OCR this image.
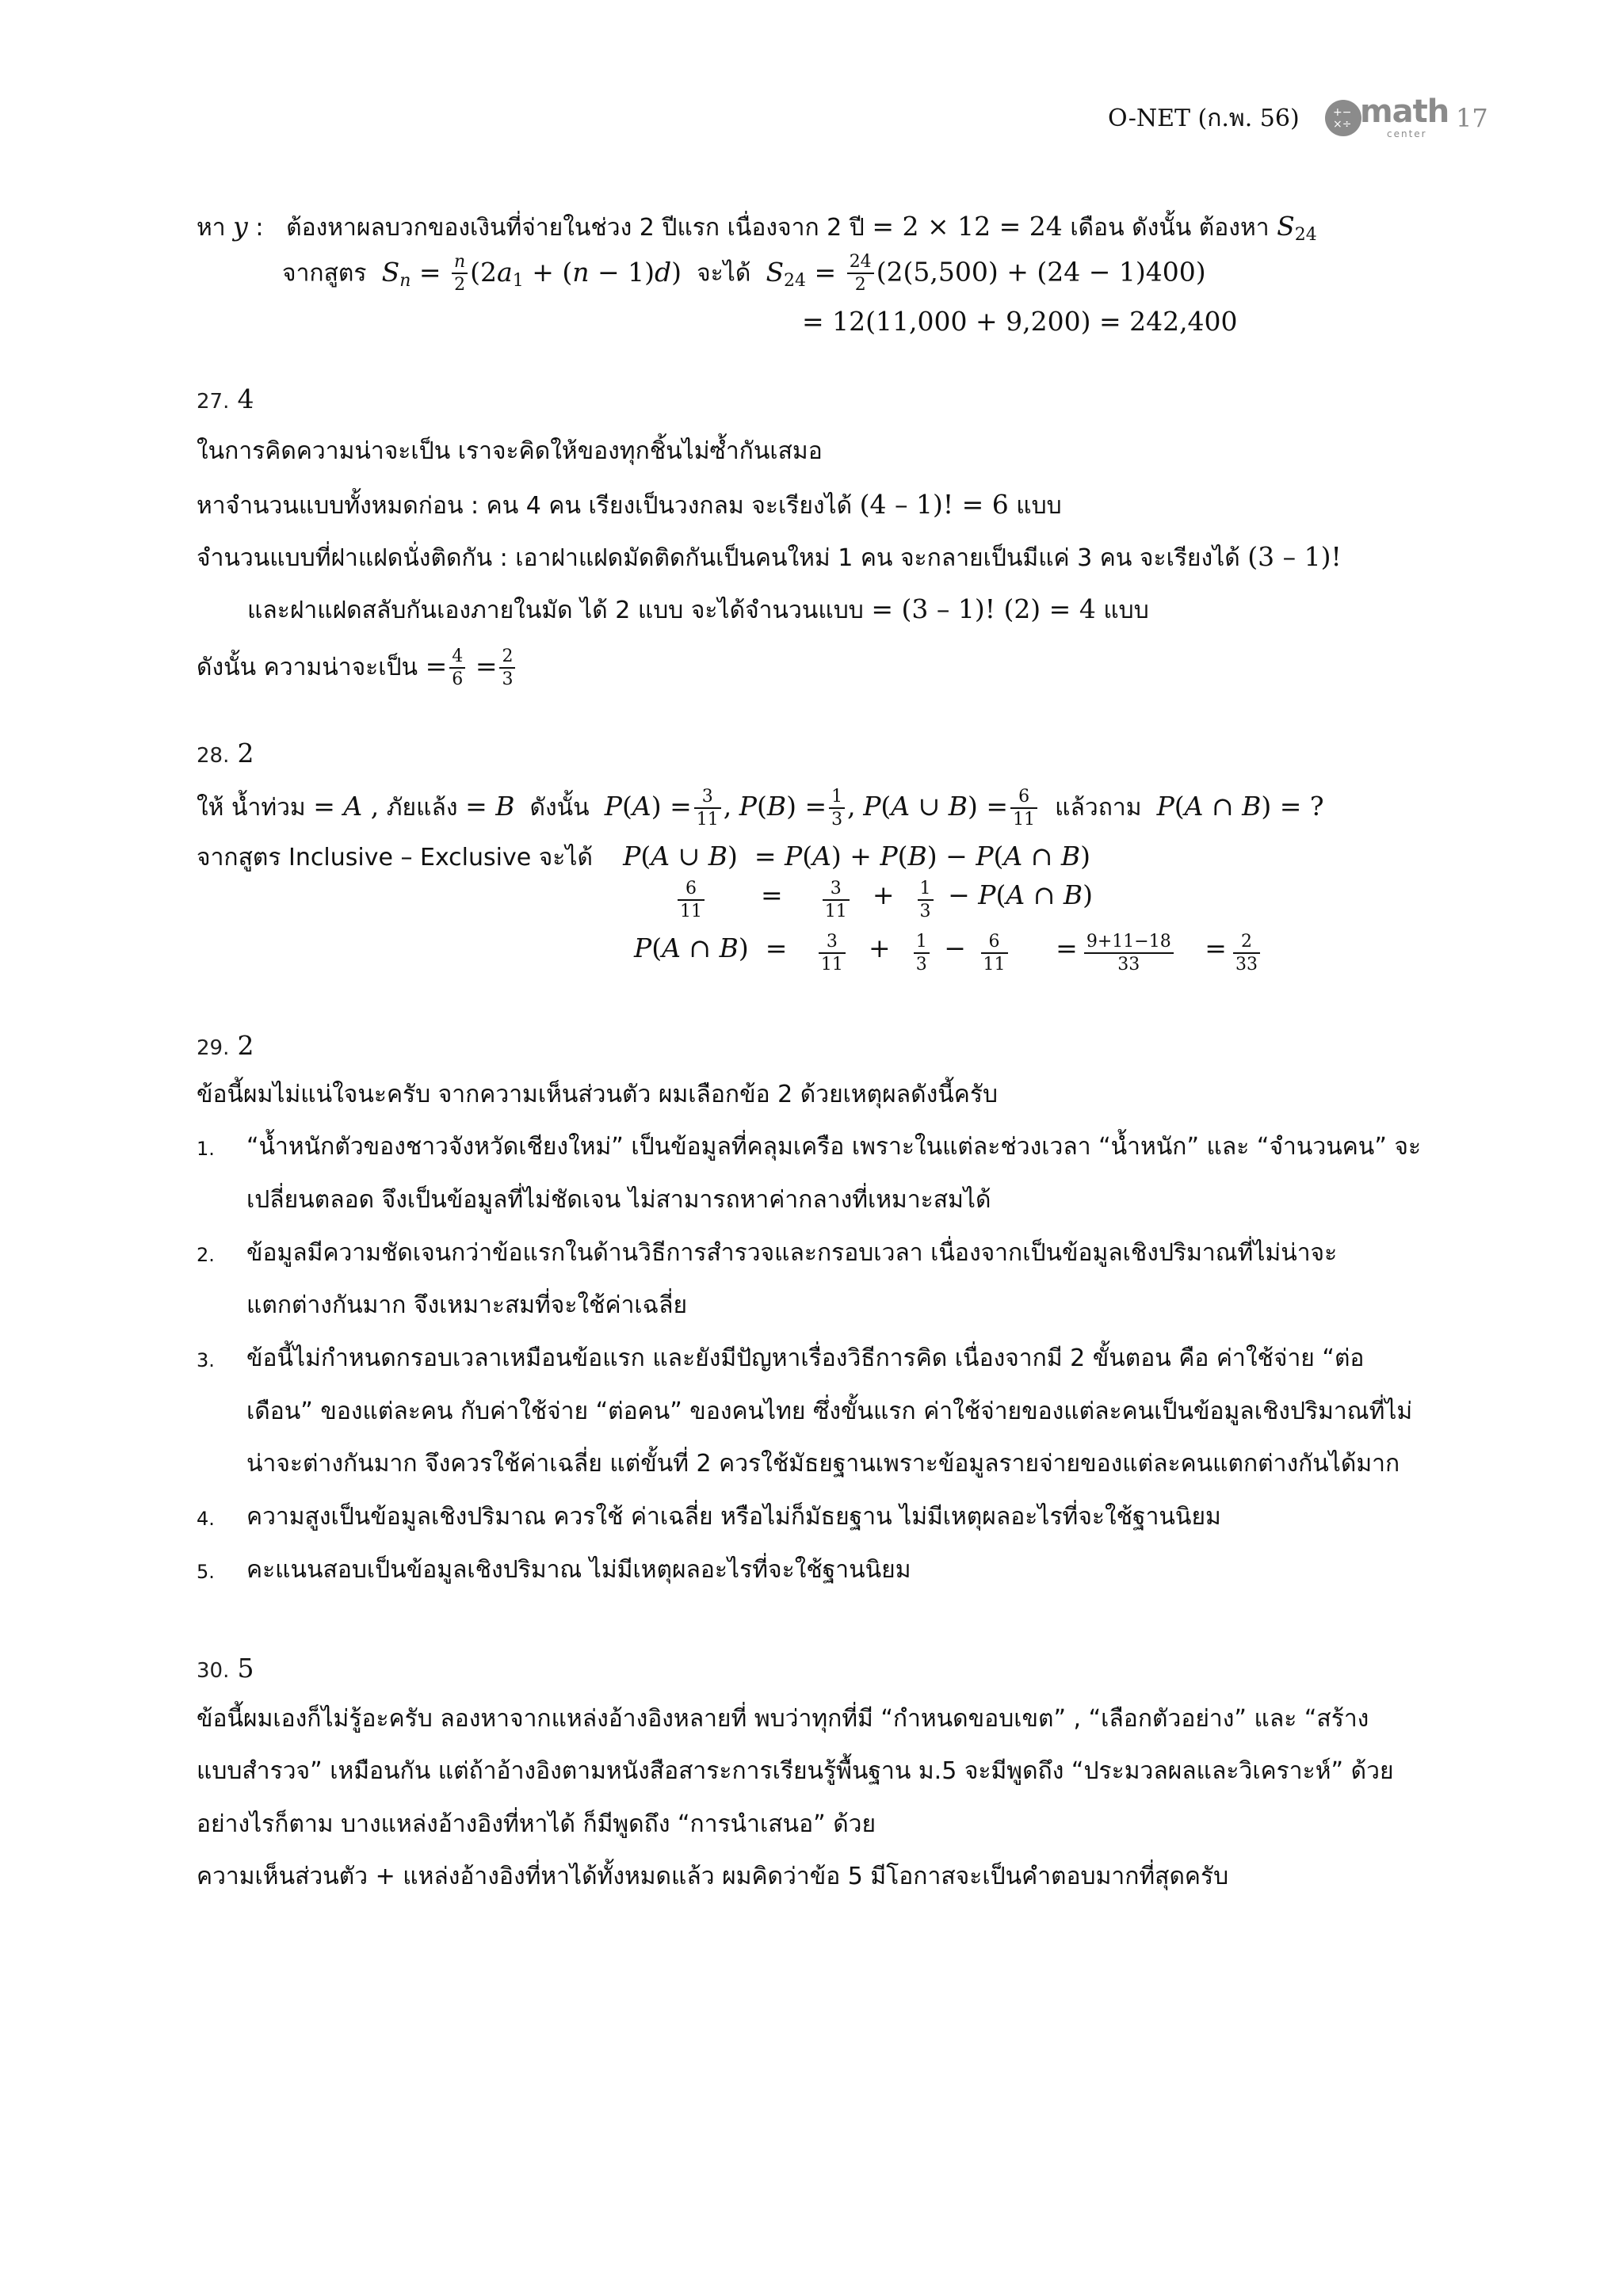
O-NET (ก.พ. 56)	+−
×÷ math
center
17
หา y : ต้องหาผลบวกของเงินที่จ่ายในช่วง 2 ปีแรก เนื่องจาก 2 ปี = 2 × 12 = 24 เดือน ดังนั้น ต้องหา $S_{24}$
จากสูตร $S_n = \frac{n}{2} (2a_1 + (n - 1)d)$ จะได้ $S_{24} = \frac{24}{2} (2(5,500) + (24 - 1)400)$
= 12(11,000 + 9,200) = 242,400
27. 4
ในการคิดความน่าจะเป็น เราจะคิดให้ของทุกชิ้นไม่ซ้ำกันเสมอ
หาจำนวนแบบทั้งหมดก่อน : คน 4 คน เรียงเป็นวงกลม จะเรียงได้ (4 – 1)! = 6 แบบ
จำนวนแบบที่ฝาแฝดนั่งติดกัน : เอาฝาแฝดมัดติดกันเป็นคนใหม่ 1 คน จะกลายเป็นมีแค่ 3 คน จะเรียงได้ (3 – 1)!
และฝาแฝดสลับกันเองภายในมัด ได้ 2 แบบ จะได้จำนวนแบบ = (3 – 1)! (2) = 4 แบบ
ดังนั้น ความน่าจะเป็น = $\frac{4}{6} = \frac{2}{3}$
28. 2
ให้ น้ำท่วม = A , ภัยแล้ง = B ดังนั้น $P(A) = \frac{3}{11}$ , $P(B) = \frac{1}{3}$ , P(A ∪ $B) = \frac{6}{11}$ แล้วถาม P(A ∩ B) = ?
จากสูตร Inclusive – Exclusive จะได้ P(A ∪ B)  = P(A) + P(B) − P(A ∩ B)
$\frac{6}{11} = \frac{3}{11} + \frac{1}{3} - P(A$ ∩ B)
P(A ∩ $B) = \frac{3}{11} + \frac{1}{3} - \frac{6}{11} = \frac{9+11-18}{33} = \frac{2}{33}$
29. 2
ข้อนี้ผมไม่แน่ใจนะครับ จากความเห็นส่วนตัว ผมเลือกข้อ 2 ด้วยเหตุผลดังนี้ครับ
1. “น้ำหนักตัวของชาวจังหวัดเชียงใหม่” เป็นข้อมูลที่คลุมเครือ เพราะในแต่ละช่วงเวลา “น้ำหนัก” และ “จำนวนคน” จะ
เปลี่ยนตลอด จึงเป็นข้อมูลที่ไม่ชัดเจน ไม่สามารถหาค่ากลางที่เหมาะสมได้
2. ข้อมูลมีความชัดเจนกว่าข้อแรกในด้านวิธีการสำรวจและกรอบเวลา เนื่องจากเป็นข้อมูลเชิงปริมาณที่ไม่น่าจะ
แตกต่างกันมาก จึงเหมาะสมที่จะใช้ค่าเฉลี่ย
3. ข้อนี้ไม่กำหนดกรอบเวลาเหมือนข้อแรก และยังมีปัญหาเรื่องวิธีการคิด เนื่องจากมี 2 ขั้นตอน คือ ค่าใช้จ่าย “ต่อ
เดือน” ของแต่ละคน กับค่าใช้จ่าย “ต่อคน” ของคนไทย ซึ่งขั้นแรก ค่าใช้จ่ายของแต่ละคนเป็นข้อมูลเชิงปริมาณที่ไม่
น่าจะต่างกันมาก จึงควรใช้ค่าเฉลี่ย แต่ขั้นที่ 2 ควรใช้มัธยฐานเพราะข้อมูลรายจ่ายของแต่ละคนแตกต่างกันได้มาก
4. ความสูงเป็นข้อมูลเชิงปริมาณ ควรใช้ ค่าเฉลี่ย หรือไม่ก็มัธยฐาน ไม่มีเหตุผลอะไรที่จะใช้ฐานนิยม
5. คะแนนสอบเป็นข้อมูลเชิงปริมาณ ไม่มีเหตุผลอะไรที่จะใช้ฐานนิยม
30. 5
ข้อนี้ผมเองก็ไม่รู้อะครับ ลองหาจากแหล่งอ้างอิงหลายที่ พบว่าทุกที่มี “กำหนดขอบเขต” , “เลือกตัวอย่าง” และ “สร้าง
แบบสำรวจ” เหมือนกัน แต่ถ้าอ้างอิงตามหนังสือสาระการเรียนรู้พื้นฐาน ม.5 จะมีพูดถึง “ประมวลผลและวิเคราะห์” ด้วย
อย่างไรก็ตาม บางแหล่งอ้างอิงที่หาได้ ก็มีพูดถึง “การนำเสนอ” ด้วย
ความเห็นส่วนตัว + แหล่งอ้างอิงที่หาได้ทั้งหมดแล้ว ผมคิดว่าข้อ 5 มีโอกาสจะเป็นคำตอบมากที่สุดครับ
